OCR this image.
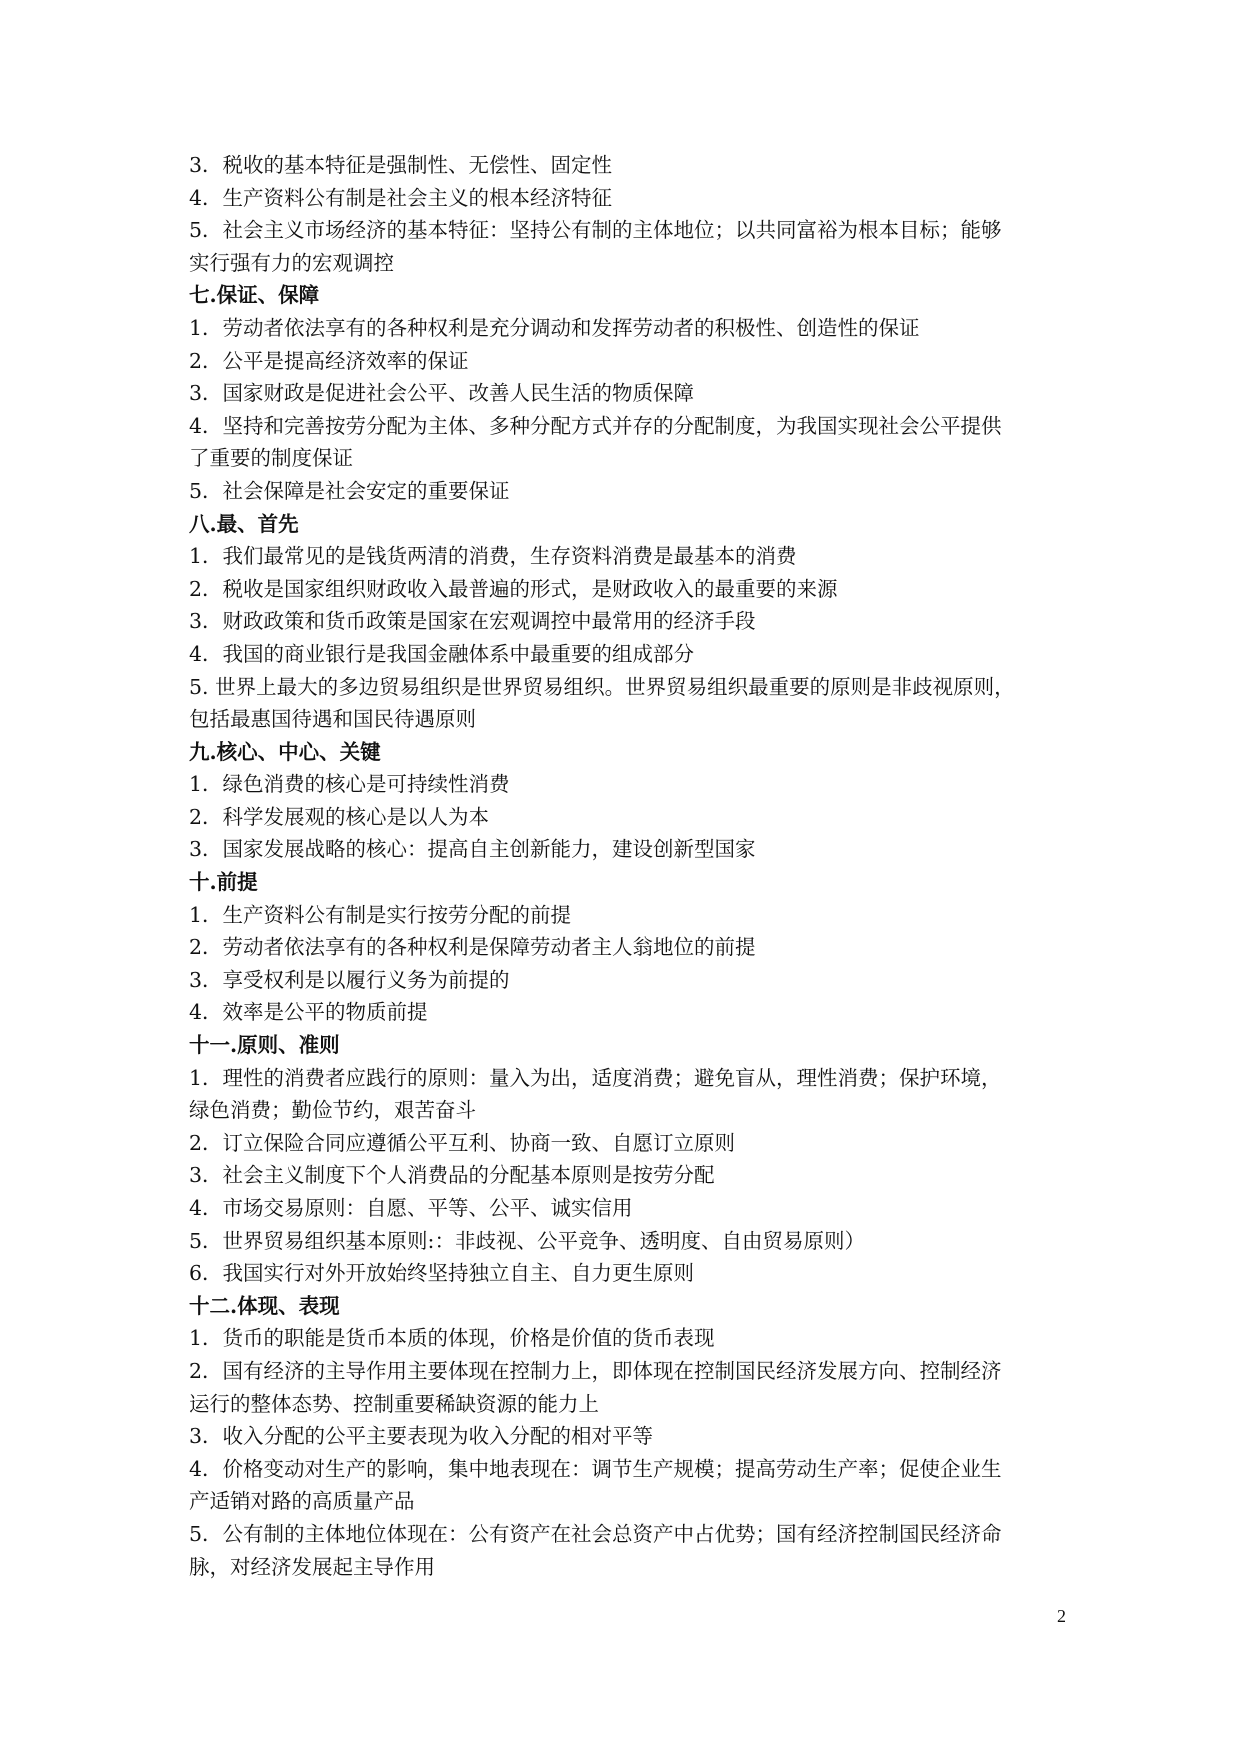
3．税收的基本特征是强制性、无偿性、固定性
4．生产资料公有制是社会主义的根本经济特征
5．社会主义市场经济的基本特征：坚持公有制的主体地位；以共同富裕为根本目标；能够
实行强有力的宏观调控
七.保证、保障
1．劳动者依法享有的各种权利是充分调动和发挥劳动者的积极性、创造性的保证
2．公平是提高经济效率的保证
3．国家财政是促进社会公平、改善人民生活的物质保障
4．坚持和完善按劳分配为主体、多种分配方式并存的分配制度，为我国实现社会公平提供
了重要的制度保证
5．社会保障是社会安定的重要保证
八.最、首先
1．我们最常见的是钱货两清的消费，生存资料消费是最基本的消费
2．税收是国家组织财政收入最普遍的形式，是财政收入的最重要的来源
3．财政政策和货币政策是国家在宏观调控中最常用的经济手段
4．我国的商业银行是我国金融体系中最重要的组成部分
5. 世界上最大的多边贸易组织是世界贸易组织。世界贸易组织最重要的原则是非歧视原则，
包括最惠国待遇和国民待遇原则
九.核心、中心、关键
1．绿色消费的核心是可持续性消费
2．科学发展观的核心是以人为本
3．国家发展战略的核心：提高自主创新能力，建设创新型国家
十.前提
1．生产资料公有制是实行按劳分配的前提
2．劳动者依法享有的各种权利是保障劳动者主人翁地位的前提
3．享受权利是以履行义务为前提的
4．效率是公平的物质前提
十一.原则、准则
1．理性的消费者应践行的原则：量入为出，适度消费；避免盲从，理性消费；保护环境，
绿色消费；勤俭节约，艰苦奋斗
2．订立保险合同应遵循公平互利、协商一致、自愿订立原则
3．社会主义制度下个人消费品的分配基本原则是按劳分配
4．市场交易原则：自愿、平等、公平、诚实信用
5．世界贸易组织基本原则:：非歧视、公平竞争、透明度、自由贸易原则）
6．我国实行对外开放始终坚持独立自主、自力更生原则
十二.体现、表现
1．货币的职能是货币本质的体现，价格是价值的货币表现
2．国有经济的主导作用主要体现在控制力上，即体现在控制国民经济发展方向、控制经济
运行的整体态势、控制重要稀缺资源的能力上
3．收入分配的公平主要表现为收入分配的相对平等
4．价格变动对生产的影响，集中地表现在：调节生产规模；提高劳动生产率；促使企业生
产适销对路的高质量产品
5．公有制的主体地位体现在：公有资产在社会总资产中占优势；国有经济控制国民经济命
脉，对经济发展起主导作用
2
